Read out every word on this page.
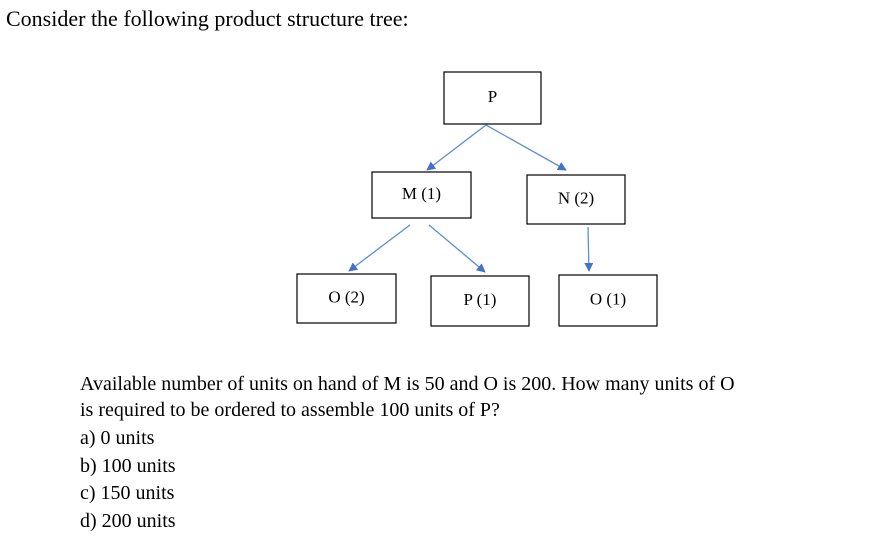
Consider the following product structure tree:
P
M (1)	N (2)
O (2)	P (1)	O (1)

Available number of units on hand of M is 50 and O is 200. How many units of O

is required to be ordered to assemble 100 units of P?

a) 0 units
b) 100 units
c) 150 units
d) 200 units
